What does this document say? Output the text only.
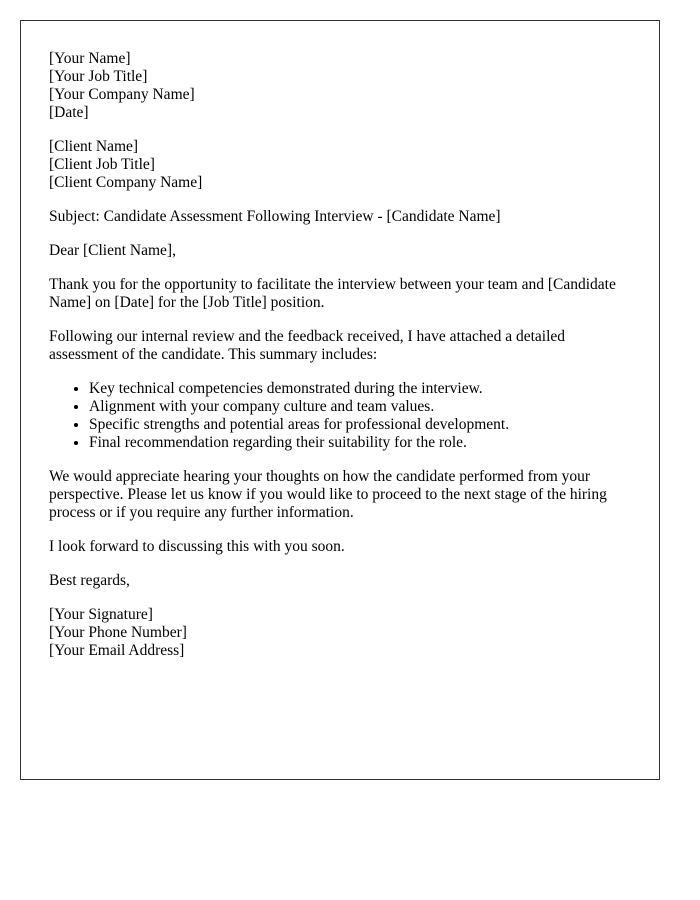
[Your Name]
[Your Job Title]
[Your Company Name]
[Date]
[Client Name]
[Client Job Title]
[Client Company Name]

Subject: Candidate Assessment Following Interview - [Candidate Name]

Dear [Client Name],

Thank you for the opportunity to facilitate the interview between your team and [Candidate Name] on [Date] for the [Job Title] position.

Following our internal review and the feedback received, I have attached a detailed assessment of the candidate. This summary includes:

• Key technical competencies demonstrated during the interview.
• Alignment with your company culture and team values.
• Specific strengths and potential areas for professional development.
• Final recommendation regarding their suitability for the role.

We would appreciate hearing your thoughts on how the candidate performed from your perspective. Please let us know if you would like to proceed to the next stage of the hiring process or if you require any further information.

I look forward to discussing this with you soon.

Best regards,

[Your Signature]
[Your Phone Number]
[Your Email Address]
